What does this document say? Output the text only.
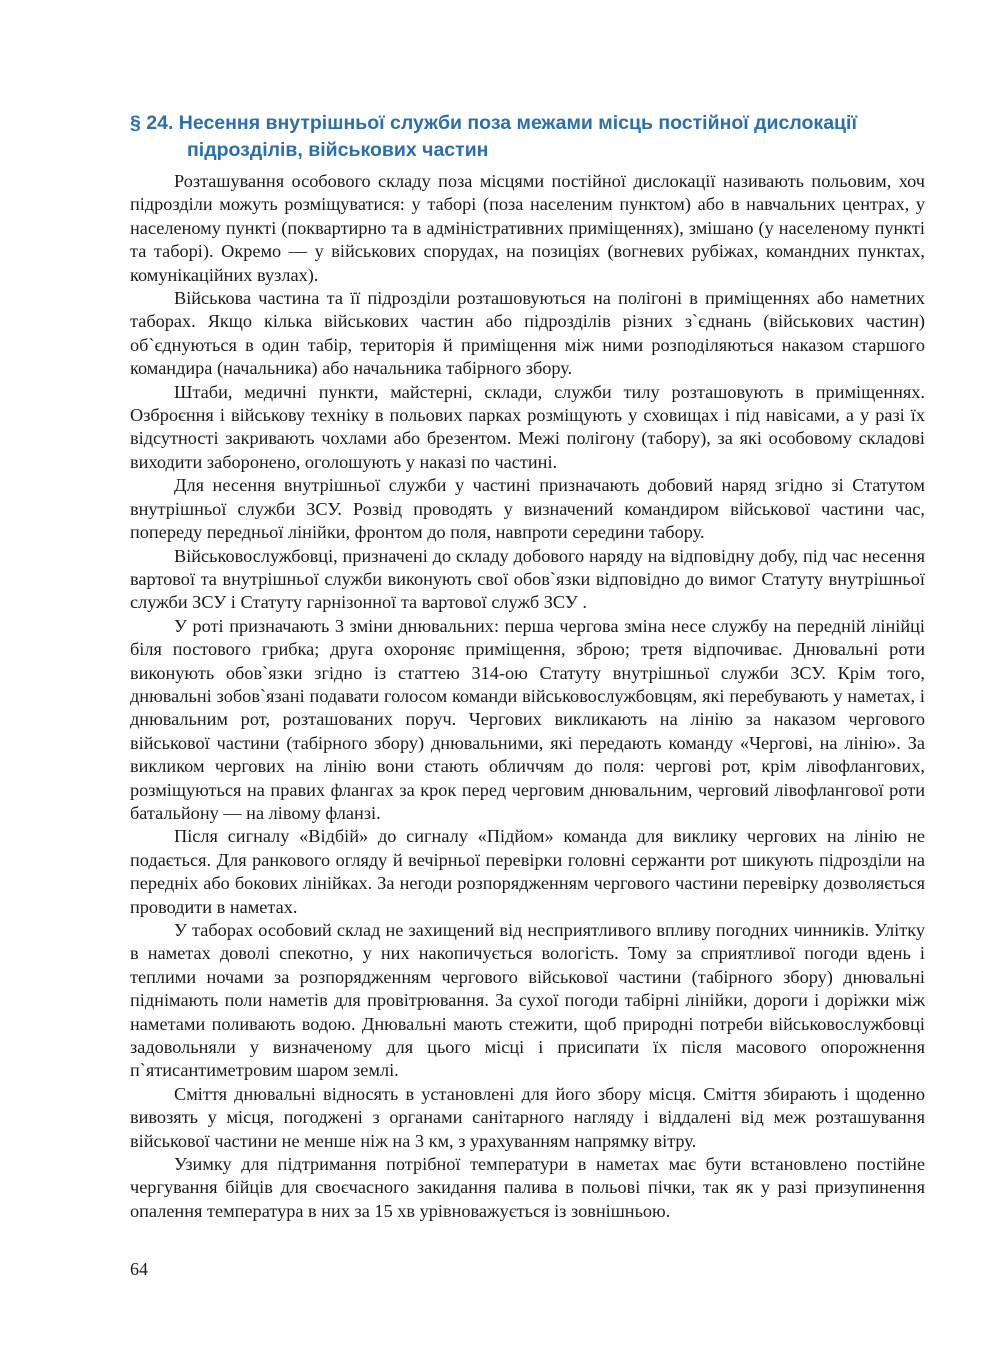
§ 24. Несення внутрішньої служби поза межами місць постійної дислокації
підрозділів, військових частин

Розташування особового складу поза місцями постійної дислокації називають польовим, хоч підрозділи можуть розміщуватися: у таборі (поза населеним пунктом) або в навчальних центрах, у населеному пункті (поквартирно та в адміністративних приміщеннях), змішано (у населеному пункті та таборі). Окремо — у військових спорудах, на позиціях (вогневих рубіжах, командних пунктах, комунікаційних вузлах).

Військова частина та її підрозділи розташовуються на полігоні в приміщеннях або наметних таборах. Якщо кілька військових частин або підрозділів різних з`єднань (військових частин) об`єднуються в один табір, територія й приміщення між ними розподіляються наказом старшого командира (начальника) або начальника табірного збору.

Штаби, медичні пункти, майстерні, склади, служби тилу розташовують в приміщеннях. Озброєння і військову техніку в польових парках розміщують у сховищах і під навісами, а у разі їх відсутності закривають чохлами або брезентом. Межі полігону (табору), за які особовому складові виходити заборонено, оголошують у наказі по частині.

Для несення внутрішньої служби у частині призначають добовий наряд згідно зі Статутом внутрішньої служби ЗСУ. Розвід проводять у визначений командиром військової частини час, попереду передньої лінійки, фронтом до поля, навпроти середини табору.

Військовослужбовці, призначені до складу добового наряду на відповідну добу, під час несення вартової та внутрішньої служби виконують свої обов`язки відповідно до вимог Статуту внутрішньої служби ЗСУ і Статуту гарнізонної та вартової служб ЗСУ .

У роті призначають 3 зміни днювальних: перша чергова зміна несе службу на передній лінійці біля постового грибка; друга охороняє приміщення, зброю; третя відпочиває. Днювальні роти виконують обов`язки згідно із статтею 314-ою Статуту внутрішньої служби ЗСУ. Крім того, днювальні зобов`язані подавати голосом команди військовослужбовцям, які перебувають у наметах, і днювальним рот, розташованих поруч. Чергових викликають на лінію за наказом чергового військової частини (табірного збору) днювальними, які передають команду «Чергові, на лінію». За викликом чергових на лінію вони стають обличчям до поля: чергові рот, крім лівофлангових, розміщуються на правих флангах за крок перед черговим днювальним, черговий лівофлангової роти батальйону — на лівому фланзі.

Після сигналу «Відбій» до сигналу «Підйом» команда для виклику чергових на лінію не подається. Для ранкового огляду й вечірньої перевірки головні сержанти рот шикують підрозділи на передніх або бокових лінійках. За негоди розпорядженням чергового частини перевірку дозволяється проводити в наметах.

У таборах особовий склад не захищений від несприятливого впливу погодних чинників. Улітку в наметах доволі спекотно, у них накопичується вологість. Тому за сприятливої погоди вдень і теплими ночами за розпорядженням чергового військової частини (табірного збору) днювальні піднімають поли наметів для провітрювання. За сухої погоди табірні лінійки, дороги і доріжки між наметами поливають водою. Днювальні мають стежити, щоб природні потреби військовослужбовці задовольняли у визначеному для цього місці і присипати їх після масового опорожнення п`ятисантиметровим шаром землі.

Сміття днювальні відносять в установлені для його збору місця. Сміття збирають і щоденно вивозять у місця, погоджені з органами санітарного нагляду і віддалені від меж розташування військової частини не менше ніж на 3 км, з урахуванням напрямку вітру.

Узимку для підтримання потрібної температури в наметах має бути встановлено постійне чергування бійців для своєчасного закидання палива в польові пічки, так як у разі призупинення опалення температура в них за 15 хв урівноважується із зовнішньою.

64
